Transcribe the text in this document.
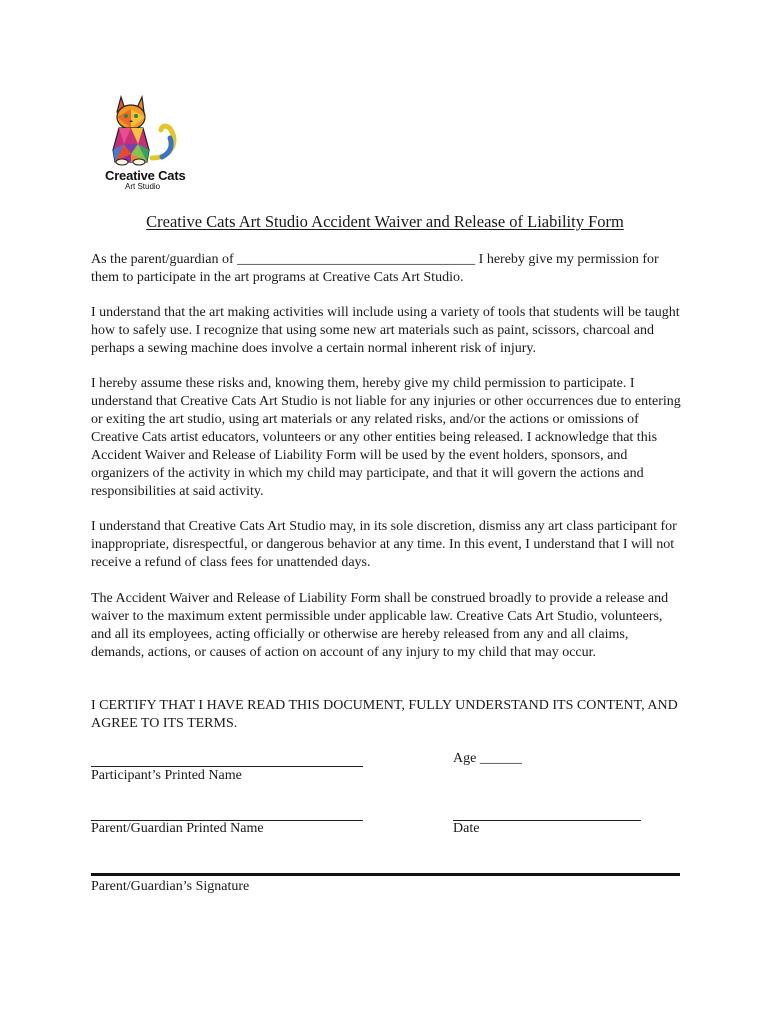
Creative Cats
Art Studio
Creative Cats Art Studio Accident Waiver and Release of Liability Form

As the parent/guardian of __________________________________ I hereby give my permission for them to participate in the art programs at Creative Cats Art Studio.

I understand that the art making activities will include using a variety of tools that students will be taught how to safely use. I recognize that using some new art materials such as paint, scissors, charcoal and perhaps a sewing machine does involve a certain normal inherent risk of injury.

I hereby assume these risks and, knowing them, hereby give my child permission to participate. I understand that Creative Cats Art Studio is not liable for any injuries or other occurrences due to entering or exiting the art studio, using art materials or any related risks, and/or the actions or omissions of Creative Cats artist educators, volunteers or any other entities being released. I acknowledge that this Accident Waiver and Release of Liability Form will be used by the event holders, sponsors, and organizers of the activity in which my child may participate, and that it will govern the actions and responsibilities at said activity.

I understand that Creative Cats Art Studio may, in its sole discretion, dismiss any art class participant for inappropriate, disrespectful, or dangerous behavior at any time. In this event, I understand that I will not receive a refund of class fees for unattended days.

The Accident Waiver and Release of Liability Form shall be construed broadly to provide a release and waiver to the maximum extent permissible under applicable law. Creative Cats Art Studio, volunteers, and all its employees, acting officially or otherwise are hereby released from any and all claims, demands, actions, or causes of action on account of any injury to my child that may occur.

I CERTIFY THAT I HAVE READ THIS DOCUMENT, FULLY UNDERSTAND ITS CONTENT, AND AGREE TO ITS TERMS.

Participant’s Printed Name
Age ______
Parent/Guardian Printed Name	Date
Parent/Guardian’s Signature
